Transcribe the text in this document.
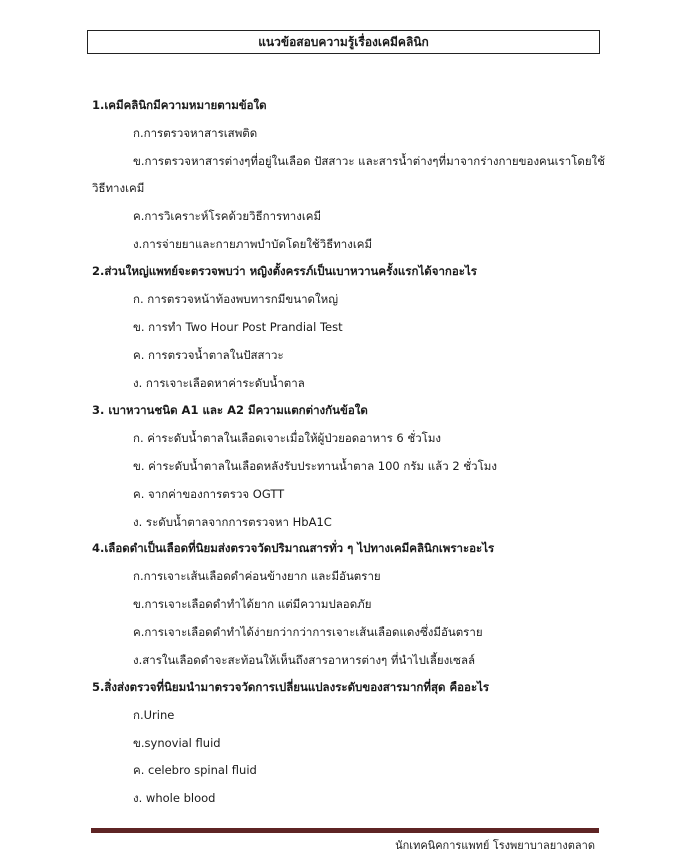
แนวข้อสอบความรู้เรื่องเคมีคลินิก
1.เคมีคลินิกมีความหมายตามข้อใด
ก.การตรวจหาสารเสพติด
ข.การตรวจหาสารต่างๆที่อยู่ในเลือด ปัสสาวะ และสารน้ำต่างๆที่มาจากร่างกายของคนเราโดยใช้
วิธีทางเคมี
ค.การวิเคราะห์โรคด้วยวิธีการทางเคมี
ง.การจ่ายยาและกายภาพบำบัดโดยใช้วิธีทางเคมี
2.ส่วนใหญ่แพทย์จะตรวจพบว่า หญิงตั้งครรภ์เป็นเบาหวานครั้งแรกได้จากอะไร
ก. การตรวจหน้าท้องพบทารกมีขนาดใหญ่
ข. การทำ Two Hour Post Prandial Test
ค. การตรวจน้ำตาลในปัสสาวะ
ง. การเจาะเลือดหาค่าระดับน้ำตาล
3. เบาหวานชนิด A1 และ A2 มีความแตกต่างกันข้อใด
ก. ค่าระดับน้ำตาลในเลือดเจาะเมื่อให้ผู้ป่วยอดอาหาร 6 ชั่วโมง
ข. ค่าระดับน้ำตาลในเลือดหลังรับประทานน้ำตาล 100 กรัม แล้ว 2 ชั่วโมง
ค. จากค่าของการตรวจ OGTT
ง. ระดับน้ำตาลจากการตรวจหา HbA1C
4.เลือดดำเป็นเลือดที่นิยมส่งตรวจวัดปริมาณสารทั่ว ๆ ไปทางเคมีคลินิกเพราะอะไร
ก.การเจาะเส้นเลือดดำค่อนข้างยาก และมีอันตราย
ข.การเจาะเลือดดำทำได้ยาก แต่มีความปลอดภัย
ค.การเจาะเลือดดำทำได้ง่ายกว่ากว่าการเจาะเส้นเลือดแดงซึ่งมีอันตราย
ง.สารในเลือดดำจะสะท้อนให้เห็นถึงสารอาหารต่างๆ ที่นำไปเลี้ยงเซลล์
5.สิ่งส่งตรวจที่นิยมนำมาตรวจวัดการเปลี่ยนแปลงระดับของสารมากที่สุด คืออะไร
ก.Urine
ข.synovial fluid
ค. celebro spinal fluid
ง. whole blood
นักเทคนิคการแพทย์ โรงพยาบาลยางตลาด
